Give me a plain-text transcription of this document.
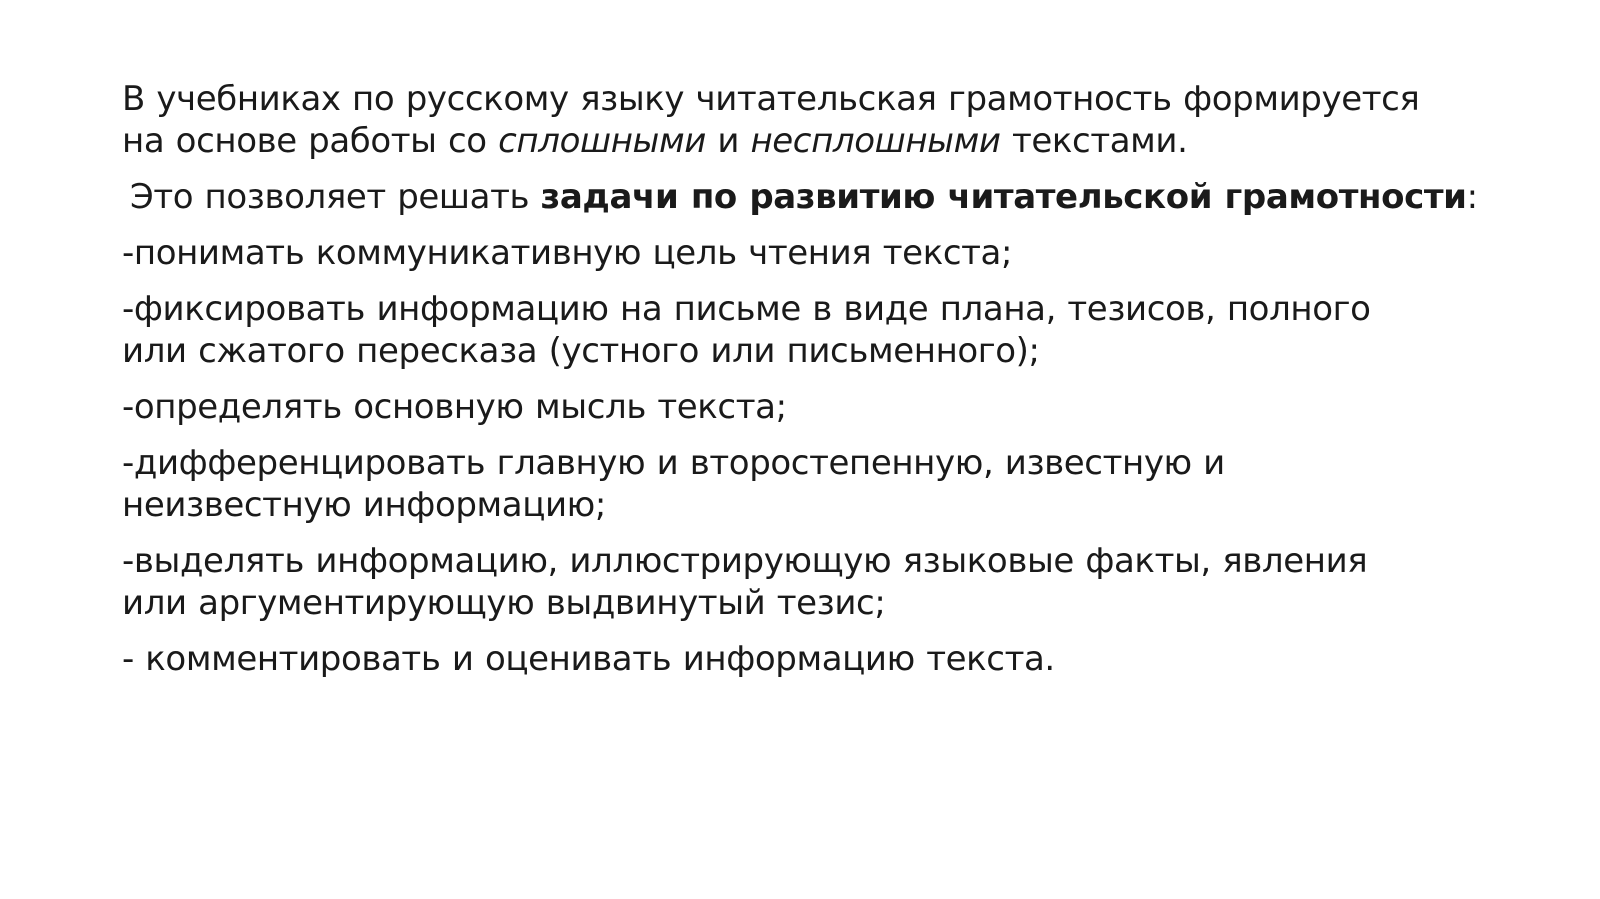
В учебниках по русскому языку читательская грамотность формируется
на основе работы со сплошными и несплошными текстами.

Это позволяет решать задачи по развитию читательской грамотности:

-понимать коммуникативную цель чтения текста;

-фиксировать информацию на письме в виде плана, тезисов, полного
или сжатого пересказа (устного или письменного);

-определять основную мысль текста;

-дифференцировать главную и второстепенную, известную и
неизвестную информацию;

-выделять информацию, иллюстрирующую языковые факты, явления
или аргументирующую выдвинутый тезис;

- комментировать и оценивать информацию текста.
